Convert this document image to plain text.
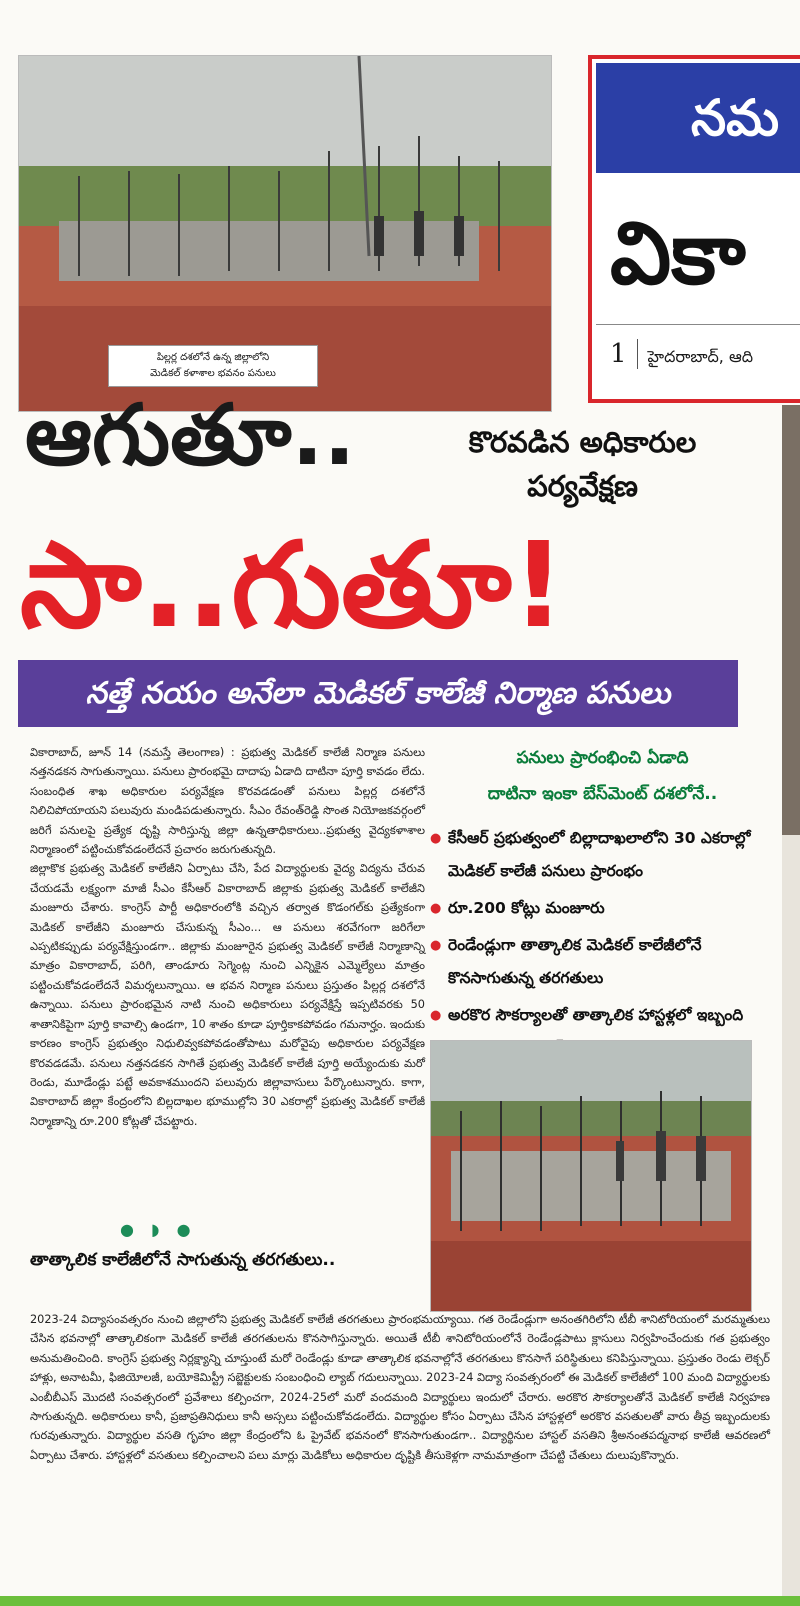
పిల్లర్ల దశలోనే ఉన్న జిల్లాలోని
మెడికల్ కళాశాల భవనం పనులు
నమ
వికా
1 హైదరాబాద్, ఆది
ఆగుతూ..	కొరవడిన అధికారుల పర్యవేక్షణ
సా..గుతూ!
నత్తే నయం అనేలా మెడికల్ కాలేజీ నిర్మాణ పనులు

వికారాబాద్, జూన్ 14 (నమస్తే తెలంగాణ) : ప్రభుత్వ మెడికల్ కాలేజీ నిర్మాణ పనులు నత్తనడకన సాగుతున్నాయి. పనులు ప్రారంభమై దాదాపు ఏడాది దాటినా పూర్తి కావడం లేదు. సంబంధిత శాఖ అధికారుల పర్యవేక్షణ కొరవడడంతో పనులు పిల్లర్ల దశలోనే నిలిచిపోయాయని పలువురు మండిపడుతున్నారు. సీఎం రేవంత్‌రెడ్డి సొంత నియోజకవర్గంలో జరిగే పనులపై ప్రత్యేక దృష్టి సారిస్తున్న జిల్లా ఉన్నతాధికారులు..ప్రభుత్వ వైద్యకళాశాల నిర్మాణంలో పట్టించుకోవడంలేదనే ప్రచారం జరుగుతున్నది.

జిల్లాకొక ప్రభుత్వ మెడికల్ కాలేజీని ఏర్పాటు చేసి, పేద విద్యార్థులకు వైద్య విద్యను చేరువ చేయడమే లక్ష్యంగా మాజీ సీఎం కేసీఆర్ వికారాబాద్ జిల్లాకు ప్రభుత్వ మెడికల్ కాలేజీని మంజూరు చేశారు. కాంగ్రెస్ పార్టీ అధికారంలోకి వచ్చిన తర్వాత కొడంగల్‌కు ప్రత్యేకంగా మెడికల్ కాలేజీని మంజూరు చేసుకున్న సీఎం... ఆ పనులు శరవేగంగా జరిగేలా ఎప్పటికప్పుడు పర్యవేక్షిస్తుండగా.. జిల్లాకు మంజూరైన ప్రభుత్వ మెడికల్ కాలేజీ నిర్మాణాన్ని మాత్రం వికారాబాద్, పరిగి, తాండూరు సెగ్మెంట్ల నుంచి ఎన్నికైన ఎమ్మెల్యేలు మాత్రం పట్టించుకోవడంలేదనే విమర్శలున్నాయి. ఆ భవన నిర్మాణ పనులు ప్రస్తుతం పిల్లర్ల దశలోనే ఉన్నాయి. పనులు ప్రారంభమైన నాటి నుంచి అధికారులు పర్యవేక్షిస్తే ఇప్పటివరకు 50 శాతానికిపైగా పూర్తి కావాల్సి ఉండగా, 10 శాతం కూడా పూర్తికాకపోవడం గమనార్హం. ఇందుకు కారణం కాంగ్రెస్ ప్రభుత్వం నిధులివ్వకపోవడంతోపాటు మరోవైపు అధికారుల పర్యవేక్షణ కొరవడడమే. పనులు నత్తనడకన సాగితే ప్రభుత్వ మెడికల్ కాలేజీ పూర్తి అయ్యేందుకు మరో రెండు, మూడేండ్లు పట్టే అవకాశముందని పలువురు జిల్లావాసులు పేర్కొంటున్నారు. కాగా, వికారాబాద్ జిల్లా కేంద్రంలోని బిల్లదాఖల భూముల్లోని 30 ఎకరాల్లో ప్రభుత్వ మెడికల్ కాలేజీ నిర్మాణాన్ని రూ.200 కోట్లతో చేపట్టారు.

పనులు ప్రారంభించి ఏడాది
దాటినా ఇంకా బేస్‌మెంట్ దశలోనే..
● కేసీఆర్ ప్రభుత్వంలో బిల్లాదాఖలాలోని 30 ఎకరాల్లో మెడికల్ కాలేజీ పనులు ప్రారంభం
● రూ.200 కోట్లు మంజూరు
● రెండేండ్లుగా తాత్కాలిక మెడికల్ కాలేజీలోనే కొనసాగుతున్న తరగతులు
● అరకొర సౌకర్యాలతో తాత్కాలిక హాస్టళ్లలో ఇబ్బంది
● ◗ ●
తాత్కాలిక కాలేజీలోనే సాగుతున్న తరగతులు..

2023-24 విద్యాసంవత్సరం నుంచి జిల్లాలోని ప్రభుత్వ మెడికల్ కాలేజీ తరగతులు ప్రారంభమయ్యాయి. గత రెండేండ్లుగా అనంతగిరిలోని టీబీ శానిటోరియంలో మరమ్మతులు చేసిన భవనాల్లో తాత్కాలికంగా మెడికల్ కాలేజీ తరగతులను కొనసాగిస్తున్నారు. అయితే టీబీ శానిటోరియంలోనే రెండేండ్లపాటు క్లాసులు నిర్వహించేందుకు గత ప్రభుత్వం అనుమతించింది. కాంగ్రెస్ ప్రభుత్వ నిర్లక్ష్యాన్ని చూస్తుంటే మరో రెండేండ్లు కూడా తాత్కాలిక భవనాల్లోనే తరగతులు కొనసాగే పరిస్థితులు కనిపిస్తున్నాయి. ప్రస్తుతం రెండు లెక్చర్ హాళ్లు, అనాటమీ, ఫిజియోలజీ, బయోకెమిస్ట్రీ సబ్జెక్టులకు సంబంధించి ల్యాబ్ గదులున్నాయి. 2023-24 విద్యా సంవత్సరంలో ఈ మెడికల్ కాలేజీలో 100 మంది విద్యార్థులకు ఎంబీబీఎస్ మొదటి సంవత్సరంలో ప్రవేశాలు కల్పించగా, 2024-25లో మరో వందమంది విద్యార్థులు ఇందులో చేరారు. అరకొర సౌకర్యాలతోనే మెడికల్ కాలేజీ నిర్వహణ సాగుతున్నది. అధికారులు కానీ, ప్రజాప్రతినిధులు కానీ అస్సలు పట్టించుకోవడంలేదు. విద్యార్థుల కోసం ఏర్పాటు చేసిన హాస్టళ్లలో అరకొర వసతులతో వారు తీవ్ర ఇబ్బందులకు గురవుతున్నారు. విద్యార్థుల వసతి గృహం జిల్లా కేంద్రంలోని ఓ ప్రైవేట్ భవనంలో కొనసాగుతుండగా.. విద్యార్థినుల హాస్టల్ వసతిని శ్రీఅనంతపద్మనాభ కాలేజీ ఆవరణలో ఏర్పాటు చేశారు. హాస్టళ్లలో వసతులు కల్పించాలని పలు మార్లు మెడికోలు అధికారుల దృష్టికి తీసుకెళ్లగా నామమాత్రంగా చేపట్టి చేతులు దులుపుకొన్నారు.
